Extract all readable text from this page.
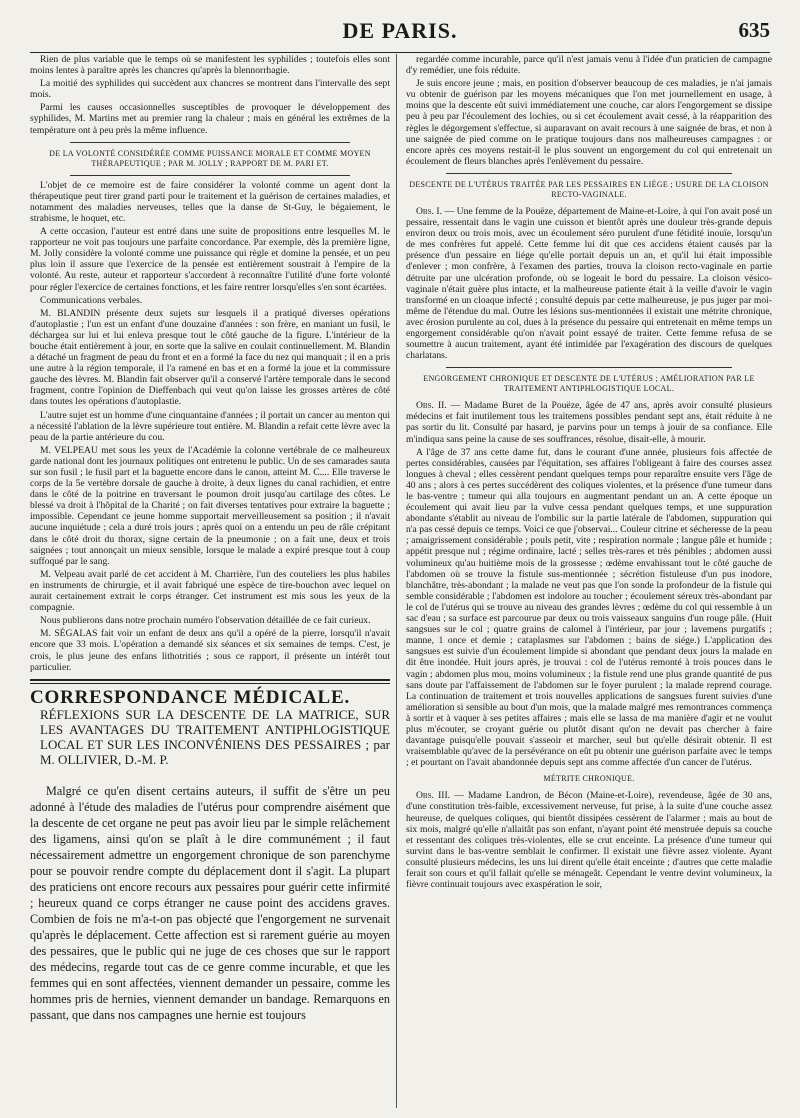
DE PARIS.	635

Rien de plus variable que le temps où se manifestent les syphilides ; toutefois elles sont moins lentes à paraître après les chancres qu'après la blennorrhagie.

La moitié des syphilides qui succèdent aux chancres se montrent dans l'intervalle des sept mois.

Parmi les causes occasionnelles susceptibles de provoquer le développement des syphilides, M. Martins met au premier rang la chaleur ; mais en général les extrêmes de la température ont à peu près la même influence.

DE LA VOLONTÉ CONSIDÉRÉE COMME PUISSANCE MORALE ET COMME MOYEN THÉRAPEUTIQUE ; PAR M. JOLLY ; RAPPORT DE M. PARI ET.

L'objet de ce memoire est de faire considérer la volonté comme un agent dont la thérapeutique peut tirer grand parti pour le traitement et la guérison de certaines maladies, et notamment des maladies nerveuses, telles que la danse de St-Guy, le bégaiement, le strabisme, le hoquet, etc.

A cette occasion, l'auteur est entré dans une suite de propositions entre lesquelles M. le rapporteur ne voit pas toujours une parfaite concordance. Par exemple, dès la première ligne, M. Jolly considère la volonté comme une puissance qui règle et domine la pensée, et un peu plus loin il assure que l'exercice de la pensée est entièrement soustrait à l'empire de la volonté. Au reste, auteur et rapporteur s'accordent à reconnaître l'utilité d'une forte volonté pour régler l'exercice de certaines fonctions, et les faire rentrer lorsqu'elles s'en sont écartées.

Communications verbales.

M. BLANDIN présente deux sujets sur lesquels il a pratiqué diverses opérations d'autoplastie ; l'un est un enfant d'une douzaine d'années : son frère, en maniant un fusil, le déchargea sur lui et lui enleva presque tout le côté gauche de la figure. L'intérieur de la bouche était entièrement à jour, en sorte que la salive en coulait continuellement. M. Blandin a détaché un fragment de peau du front et en a formé la face du nez qui manquait ; il en a pris une autre à la région temporale, il l'a ramené en bas et en a formé la joue et la commissure gauche des lèvres. M. Blandin fait observer qu'il a conservé l'artère temporale dans le second fragment, contre l'opinion de Dieffenbach qui veut qu'on laisse les grosses artères de côté dans toutes les opérations d'autoplastie.

L'autre sujet est un homme d'une cinquantaine d'années ; il portait un cancer au menton qui a nécessité l'ablation de la lèvre supérieure tout entière. M. Blandin a refait cette lèvre avec la peau de la partie antérieure du cou.

M. VELPEAU met sous les yeux de l'Académie la colonne vertébrale de ce malheureux garde national dont les journaux politiques ont entretenu le public. Un de ses camarades sauta sur son fusil ; le fusil part et la baguette encore dans le canon, atteint M. C.... Elle traverse le corps de la 5e vertèbre dorsale de gauche à droite, à deux lignes du canal rachidien, et entre dans le côté de la poitrine en traversant le poumon droit jusqu'au cartilage des côtes. Le blessé va droit à l'hôpital de la Charité ; on fait diverses tentatives pour extraire la baguette ; impossible. Cependant ce jeune homme supportait merveilleusement sa position ; il n'avait aucune inquiétude ; cela a duré trois jours ; après quoi on a entendu un peu de râle crépitant dans le côté droit du thorax, signe certain de la pneumonie ; on a fait une, deux et trois saignées ; tout annonçait un mieux sensible, lorsque le malade a expiré presque tout à coup suffoqué par le sang.

M. Velpeau avait parlé de cet accident à M. Charrière, l'un des couteliers les plus habiles en instruments de chirurgie, et il avait fabriqué une espèce de tire-bouchon avec lequel on aurait certainement extrait le corps étranger. Cet instrument est mis sous les yeux de la compagnie.

Nous publierons dans notre prochain numéro l'observation détaillée de ce fait curieux.

M. SÉGALAS fait voir un enfant de deux ans qu'il a opéré de la pierre, lorsqu'il n'avait encore que 33 mois. L'opération a demandé six séances et six semaines de temps. C'est, je crois, le plus jeune des enfans lithotritiés ; sous ce rapport, il présente un intérêt tout particulier.

CORRESPONDANCE MÉDICALE.
RÉFLEXIONS SUR LA DESCENTE DE LA MATRICE, SUR LES AVANTAGES DU TRAITEMENT ANTIPHLOGISTIQUE LOCAL ET SUR LES INCONVÉNIENS DES PESSAIRES ; par M. OLLIVIER, D.-M. P.

Malgré ce qu'en disent certains auteurs, il suffit de s'être un peu adonné à l'étude des maladies de l'utérus pour comprendre aisément que la descente de cet organe ne peut pas avoir lieu par le simple relâchement des ligamens, ainsi qu'on se plaît à le dire communément ; il faut nécessairement admettre un engorgement chronique de son parenchyme pour se pouvoir rendre compte du déplacement dont il s'agit. La plupart des praticiens ont encore recours aux pessaires pour guérir cette infirmité ; heureux quand ce corps étranger ne cause point des accidens graves. Combien de fois ne m'a-t-on pas objecté que l'engorgement ne survenait qu'après le déplacement. Cette affection est si rarement guérie au moyen des pessaires, que le public qui ne juge de ces choses que sur le rapport des médecins, regarde tout cas de ce genre comme incurable, et que les femmes qui en sont affectées, viennent demander un pessaire, comme les hommes pris de hernies, viennent demander un bandage. Remarquons en passant, que dans nos campagnes une hernie est toujours

regardée comme incurable, parce qu'il n'est jamais venu à l'idée d'un praticien de campagne d'y remédier, une fois réduite.

Je suis encore jeune ; mais, en position d'observer beaucoup de ces maladies, je n'ai jamais vu obtenir de guérison par les moyens mécaniques que l'on met journellement en usage, à moins que la descente eût suivi immédiatement une couche, car alors l'engorgement se dissipe peu à peu par l'écoulement des lochies, ou si cet écoulement avait cessé, à la réapparition des règles le dégorgement s'effectue, si auparavant on avait recours à une saignée de bras, et non à une saignée de pied comme on le pratique toujours dans nos malheureuses campagnes : or encore après ces moyens restait-il le plus souvent un engorgement du col qui entretenait un écoulement de fleurs blanches après l'enlèvement du pessaire.

DESCENTE DE L'UTÉRUS TRAITÉE PAR LES PESSAIRES EN LIÉGE ; USURE DE LA CLOISON RECTO-VAGINALE.

Obs. I. — Une femme de la Pouëze, département de Maine-et-Loire, à qui l'on avait posé un pessaire, ressentait dans le vagin une cuisson et bientôt après une douleur très-grande depuis environ deux ou trois mois, avec un écoulement séro purulent d'une fétidité inouïe, lorsqu'un de mes confrères fut appelé. Cette femme lui dit que ces accidens étaient causés par la présence d'un pessaire en liége qu'elle portait depuis un an, et qu'il lui était impossible d'enlever ; mon confrère, à l'examen des parties, trouva la cloison recto-vaginale en partie détruite par une ulcération profonde, où se logeait le bord du pessaire. La cloison vésico-vaginale n'était guère plus intacte, et la malheureuse patiente était à la veille d'avoir le vagin transformé en un cloaque infecté ; consulté depuis par cette malheureuse, je pus juger par moi-même de l'étendue du mal. Outre les lésions sus-mentionnées il existait une métrite chronique, avec érosion purulente au col, dues à la présence du pessaire qui entretenait en même temps un engorgement considérable qu'on n'avait point essayé de traiter. Cette femme refusa de se soumettre à aucun traitement, ayant été intimidée par l'exagération des discours de quelques charlatans.

ENGORGEMENT CHRONIQUE ET DESCENTE DE L'UTÉRUS ; AMÉLIORATION PAR LE TRAITEMENT ANTIPHLOGISTIQUE LOCAL.

Obs. II. — Madame Buret de la Pouëze, âgée de 47 ans, après avoir consulté plusieurs médecins et fait inutilement tous les traitemens possibles pendant sept ans, était réduite à ne pas sortir du lit. Consulté par hasard, je parvins pour un temps à jouir de sa confiance. Elle m'indiqua sans peine la cause de ses souffrances, résolue, disait-elle, à mourir.

A l'âge de 37 ans cette dame fut, dans le courant d'une année, plusieurs fois affectée de pertes considérables, causées par l'équitation, ses affaires l'obligeant à faire des courses assez longues à cheval ; elles cessèrent pendant quelques temps pour reparaître ensuite vers l'âge de 40 ans ; alors à ces pertes succédèrent des coliques violentes, et la présence d'une tumeur dans le bas-ventre ; tumeur qui alla toujours en augmentant pendant un an. A cette époque un écoulement qui avait lieu par la vulve cessa pendant quelques temps, et une suppuration abondante s'établit au niveau de l'ombilic sur la partie latérale de l'abdomen, suppuration qui n'a pas cessé depuis ce temps. Voici ce que j'observai... Couleur citrine et sécheresse de la peau ; amaigrissement considérable ; pouls petit, vite ; respiration normale ; langue pâle et humide ; appétit presque nul ; régime ordinaire, lacté ; selles très-rares et très pénibles ; abdomen aussi volumineux qu'au huitième mois de la grossesse ; œdème envahissant tout le côté gauche de l'abdomen où se trouve la fistule sus-mentionnée ; sécrétion fistuleuse d'un pus inodore, blanchâtre, très-abondant ; la malade ne veut pas que l'on sonde la profondeur de la fistule qui semble considérable ; l'abdomen est indolore au toucher ; écoulement séreux très-abondant par le col de l'utérus qui se trouve au niveau des grandes lèvres ; œdème du col qui ressemble à un sac d'eau ; sa surface est parcourue par deux ou trois vaisseaux sanguins d'un rouge pâle. (Huit sangsues sur le col ; quatre grains de calomel à l'intérieur, par jour ; lavemens purgatifs ; manne, 1 once et demie ; cataplasmes sur l'abdomen ; bains de siége.) L'application des sangsues est suivie d'un écoulement limpide si abondant que pendant deux jours la malade en dit être inondée. Huit jours après, je trouvai : col de l'utérus remonté à trois pouces dans le vagin ; abdomen plus mou, moins volumineux ; la fistule rend une plus grande quantité de pus sans doute par l'affaissement de l'abdomen sur le foyer purulent ; la malade reprend courage. La continuation de traitement et trois nouvelles applications de sangsues furent suivies d'une amélioration si sensible au bout d'un mois, que la malade malgré mes remontrances commença à sortir et à vaquer à ses petites affaires ; mais elle se lassa de ma manière d'agir et ne voulut plus m'écouter, se croyant guérie ou plutôt disant qu'on ne devait pas chercher à faire davantage puisqu'elle pouvait s'asseoir et marcher, seul but qu'elle désirait obtenir. Il est vraisemblable qu'avec de la persévérance on eût pu obtenir une guérison parfaite avec le temps ; et pourtant on l'avait abandonnée depuis sept ans comme affectée d'un cancer de l'utérus.

MÉTRITE CHRONIQUE.

Obs. III. — Madame Landron, de Bécon (Maine-et-Loire), revendeuse, âgée de 30 ans, d'une constitution très-faible, excessivement nerveuse, fut prise, à la suite d'une couche assez heureuse, de quelques coliques, qui bientôt dissipées cessèrent de l'alarmer ; mais au bout de six mois, malgré qu'elle n'allaitât pas son enfant, n'ayant point été menstruée depuis sa couche et ressentant des coliques très-violentes, elle se crut enceinte. La présence d'une tumeur qui survint dans le bas-ventre semblait le confirmer. Il existait une fièvre assez violente. Ayant consulté plusieurs médecins, les uns lui dirent qu'elle était enceinte ; d'autres que cette maladie ferait son cours et qu'il fallait qu'elle se ménageât. Cependant le ventre devint volumineux, la fièvre continuait toujours avec exaspération le soir,
